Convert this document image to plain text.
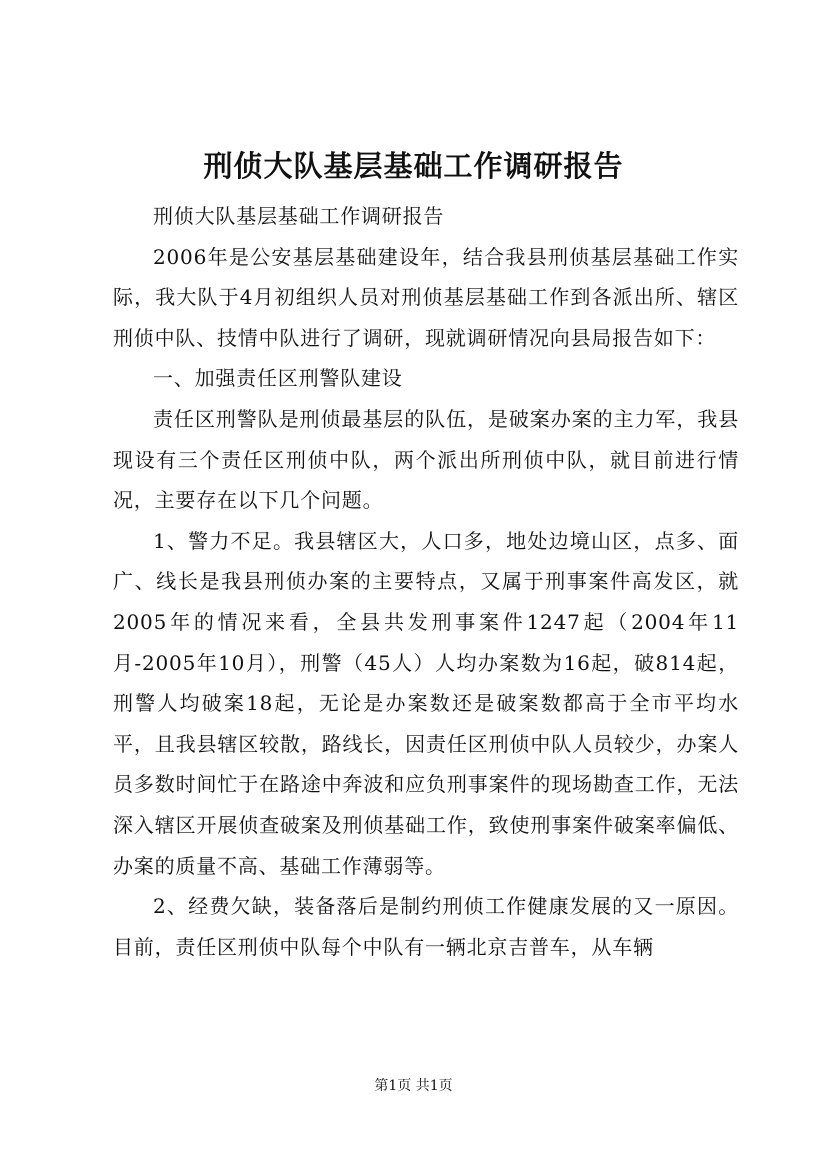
刑侦大队基层基础工作调研报告

刑侦大队基层基础工作调研报告

2006年是公安基层基础建设年，结合我县刑侦基层基础工作实际，我大队于4月初组织人员对刑侦基层基础工作到各派出所、辖区刑侦中队、技情中队进行了调研，现就调研情况向县局报告如下：

一、加强责任区刑警队建设

责任区刑警队是刑侦最基层的队伍，是破案办案的主力军，我县现设有三个责任区刑侦中队，两个派出所刑侦中队，就目前进行情况，主要存在以下几个问题。

1、警力不足。我县辖区大，人口多，地处边境山区，点多、面广、线长是我县刑侦办案的主要特点，又属于刑事案件高发区，就2005年的情况来看，全县共发刑事案件1247起（2004年11月-2005年10月），刑警（45人）人均办案数为16起，破814起，刑警人均破案18起，无论是办案数还是破案数都高于全市平均水平，且我县辖区较散，路线长，因责任区刑侦中队人员较少，办案人员多数时间忙于在路途中奔波和应负刑事案件的现场勘查工作，无法深入辖区开展侦查破案及刑侦基础工作，致使刑事案件破案率偏低、办案的质量不高、基础工作薄弱等。

2、经费欠缺，装备落后是制约刑侦工作健康发展的又一原因。目前，责任区刑侦中队每个中队有一辆北京吉普车，从车辆

第1页 共1页
